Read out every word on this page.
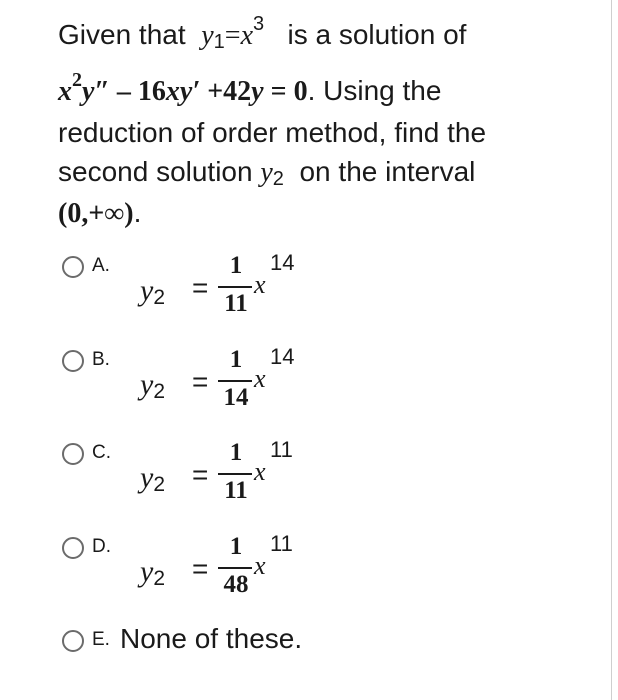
Given that $y_1=x^3$ is a solution of
$x^2y'' - 16xy' +42y = 0$. Using the
reduction of order method, find the
second solution $y_2$ on the interval
(0,+∞).
A.
$y_2$ =
1
11
x
14
B.
$y_2$ =
1
14
x
14
C.
$y_2$ =
1
11
x
11
D.
$y_2$ =
1
48
x
11
E. None of these.
